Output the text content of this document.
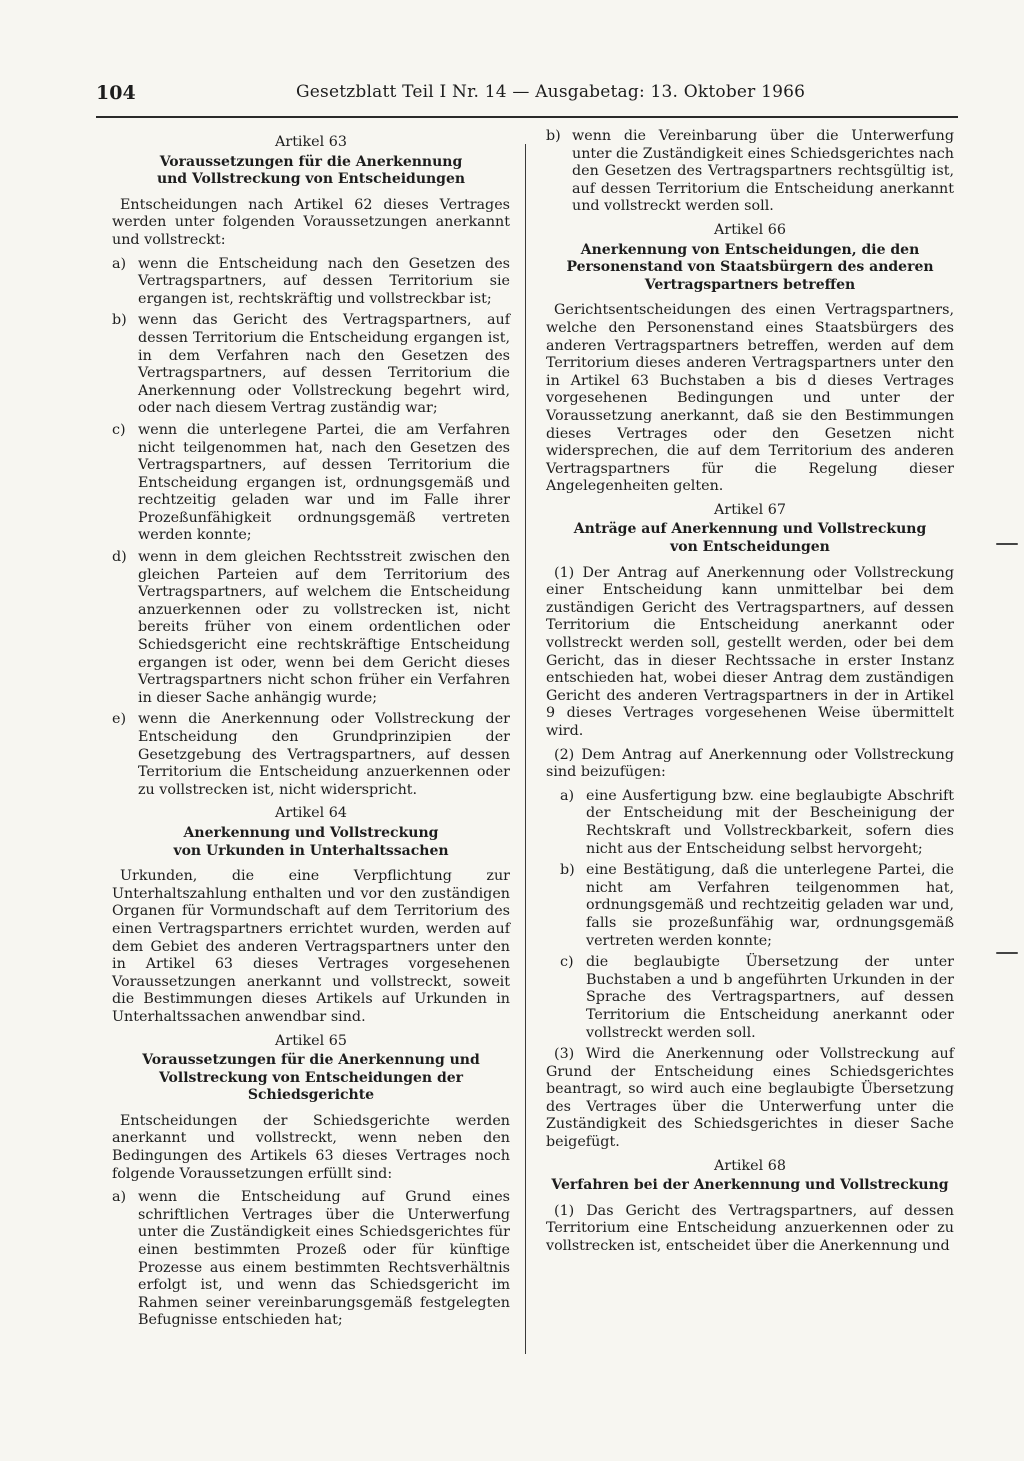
104	Gesetzblatt Teil I Nr. 14 — Ausgabetag: 13. Oktober 1966
Artikel 63
Voraussetzungen für die Anerkennung
und Vollstreckung von Entscheidungen

Entscheidungen nach Artikel 62 dieses Vertrages werden unter folgenden Voraussetzungen anerkannt und vollstreckt:

a) wenn die Entscheidung nach den Gesetzen des Vertragspartners, auf dessen Territorium sie ergangen ist, rechtskräftig und vollstreckbar ist;
b) wenn das Gericht des Vertragspartners, auf dessen Territorium die Entscheidung ergangen ist, in dem Verfahren nach den Gesetzen des Vertragspartners, auf dessen Territorium die Anerkennung oder Vollstreckung begehrt wird, oder nach diesem Vertrag zuständig war;
c) wenn die unterlegene Partei, die am Verfahren nicht teilgenommen hat, nach den Gesetzen des Vertragspartners, auf dessen Territorium die Entscheidung ergangen ist, ordnungsgemäß und rechtzeitig geladen war und im Falle ihrer Prozeßunfähigkeit ordnungsgemäß vertreten werden konnte;
d) wenn in dem gleichen Rechtsstreit zwischen den gleichen Parteien auf dem Territorium des Vertragspartners, auf welchem die Entscheidung anzuerkennen oder zu vollstrecken ist, nicht bereits früher von einem ordentlichen oder Schiedsgericht eine rechtskräftige Entscheidung ergangen ist oder, wenn bei dem Gericht dieses Vertragspartners nicht schon früher ein Verfahren in dieser Sache anhängig wurde;
e) wenn die Anerkennung oder Vollstreckung der Entscheidung den Grundprinzipien der Gesetzgebung des Vertragspartners, auf dessen Territorium die Entscheidung anzuerkennen oder zu vollstrecken ist, nicht widerspricht.
Artikel 64
Anerkennung und Vollstreckung
von Urkunden in Unterhaltssachen

Urkunden, die eine Verpflichtung zur Unterhaltszahlung enthalten und vor den zuständigen Organen für Vormundschaft auf dem Territorium des einen Vertragspartners errichtet wurden, werden auf dem Gebiet des anderen Vertragspartners unter den in Artikel 63 dieses Vertrages vorgesehenen Voraussetzungen anerkannt und vollstreckt, soweit die Bestimmungen dieses Artikels auf Urkunden in Unterhaltssachen anwendbar sind.

Artikel 65
Voraussetzungen für die Anerkennung und
Vollstreckung von Entscheidungen der Schiedsgerichte

Entscheidungen der Schiedsgerichte werden anerkannt und vollstreckt, wenn neben den Bedingungen des Artikels 63 dieses Vertrages noch folgende Voraussetzungen erfüllt sind:

a) wenn die Entscheidung auf Grund eines schriftlichen Vertrages über die Unterwerfung unter die Zuständigkeit eines Schiedsgerichtes für einen bestimmten Prozeß oder für künftige Prozesse aus einem bestimmten Rechtsverhältnis erfolgt ist, und wenn das Schiedsgericht im Rahmen seiner vereinbarungsgemäß festgelegten Befugnisse entschieden hat;
b) wenn die Vereinbarung über die Unterwerfung unter die Zuständigkeit eines Schiedsgerichtes nach den Gesetzen des Vertragspartners rechtsgültig ist, auf dessen Territorium die Entscheidung anerkannt und vollstreckt werden soll.
Artikel 66
Anerkennung von Entscheidungen, die den Personenstand von Staatsbürgern des anderen Vertragspartners betreffen

Gerichtsentscheidungen des einen Vertragspartners, welche den Personenstand eines Staatsbürgers des anderen Vertragspartners betreffen, werden auf dem Territorium dieses anderen Vertragspartners unter den in Artikel 63 Buchstaben a bis d dieses Vertrages vorgesehenen Bedingungen und unter der Voraussetzung anerkannt, daß sie den Bestimmungen dieses Vertrages oder den Gesetzen nicht widersprechen, die auf dem Territorium des anderen Vertragspartners für die Regelung dieser Angelegenheiten gelten.

Artikel 67
Anträge auf Anerkennung und Vollstreckung
von Entscheidungen

(1) Der Antrag auf Anerkennung oder Vollstreckung einer Entscheidung kann unmittelbar bei dem zuständigen Gericht des Vertragspartners, auf dessen Territorium die Entscheidung anerkannt oder vollstreckt werden soll, gestellt werden, oder bei dem Gericht, das in dieser Rechtssache in erster Instanz entschieden hat, wobei dieser Antrag dem zuständigen Gericht des anderen Vertragspartners in der in Artikel 9 dieses Vertrages vorgesehenen Weise übermittelt wird.

(2) Dem Antrag auf Anerkennung oder Vollstreckung sind beizufügen:

a) eine Ausfertigung bzw. eine beglaubigte Abschrift der Entscheidung mit der Bescheinigung der Rechtskraft und Vollstreckbarkeit, sofern dies nicht aus der Entscheidung selbst hervorgeht;
b) eine Bestätigung, daß die unterlegene Partei, die nicht am Verfahren teilgenommen hat, ordnungsgemäß und rechtzeitig geladen war und, falls sie prozeßunfähig war, ordnungsgemäß vertreten werden konnte;
c) die beglaubigte Übersetzung der unter Buchstaben a und b angeführten Urkunden in der Sprache des Vertragspartners, auf dessen Territorium die Entscheidung anerkannt oder vollstreckt werden soll.

(3) Wird die Anerkennung oder Vollstreckung auf Grund der Entscheidung eines Schiedsgerichtes beantragt, so wird auch eine beglaubigte Übersetzung des Vertrages über die Unterwerfung unter die Zuständigkeit des Schiedsgerichtes in dieser Sache beigefügt.

Artikel 68
Verfahren bei der Anerkennung und Vollstreckung

(1) Das Gericht des Vertragspartners, auf dessen Territorium eine Entscheidung anzuerkennen oder zu vollstrecken ist, entscheidet über die Anerkennung und
